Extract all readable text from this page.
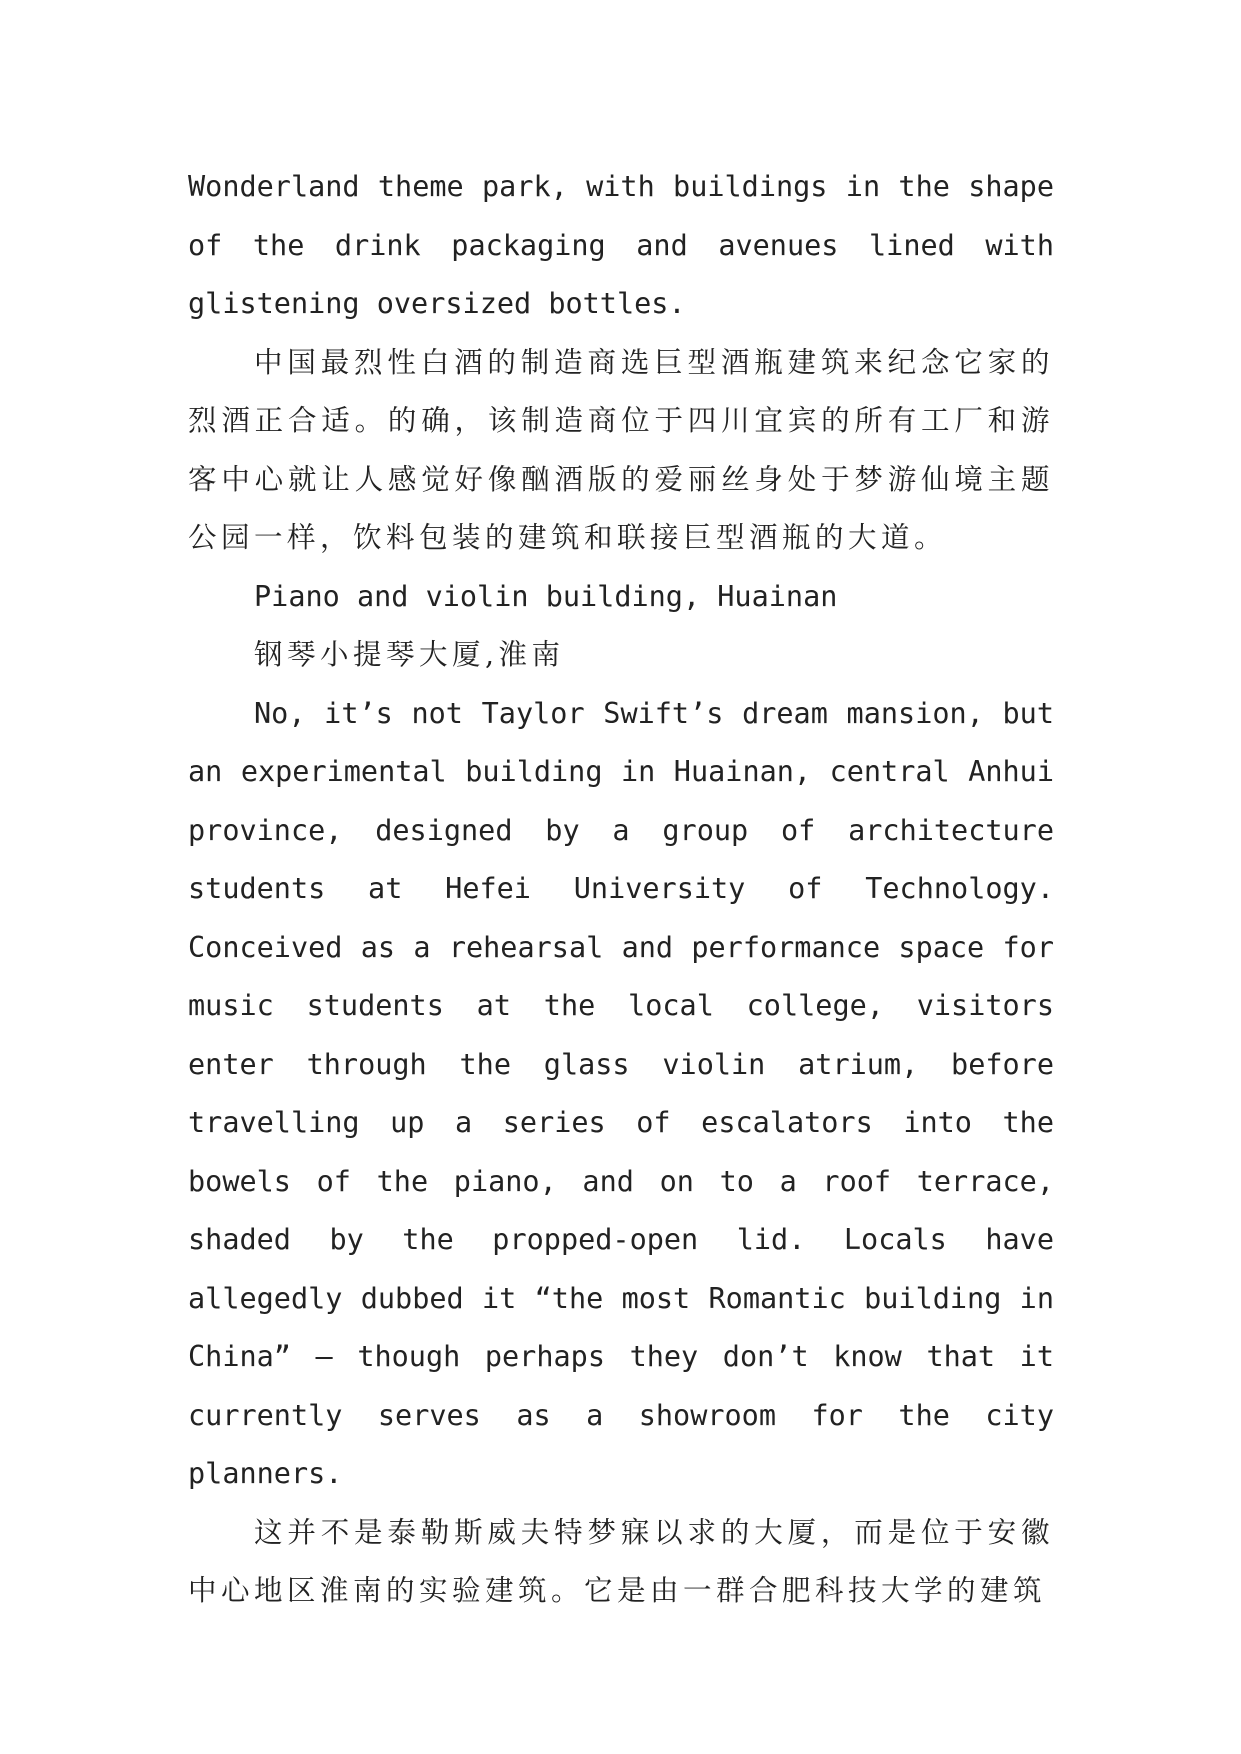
Wonderland theme park, with buildings in the shape of the drink packaging and avenues lined with glistening oversized bottles.

中国最烈性白酒的制造商选巨型酒瓶建筑来纪念它家的烈酒正合适。的确，该制造商位于四川宜宾的所有工厂和游客中心就让人感觉好像酗酒版的爱丽丝身处于梦游仙境主题公园一样，饮料包装的建筑和联接巨型酒瓶的大道。

Piano and violin building, Huainan

钢琴小提琴大厦,淮南

No, it’s not Taylor Swift’s dream mansion, but an experimental building in Huainan, central Anhui province, designed by a group of architecture students at Hefei University of Technology. Conceived as a rehearsal and performance space for music students at the local college, visitors enter through the glass violin atrium, before travelling up a series of escalators into the bowels of the piano, and on to a roof terrace, shaded by the propped-open lid. Locals have allegedly dubbed it “the most Romantic building in China” – though perhaps they don’t know that it currently serves as a showroom for the city planners.

这并不是泰勒斯威夫特梦寐以求的大厦，而是位于安徽中心地区淮南的实验建筑。它是由一群合肥科技大学的建筑
